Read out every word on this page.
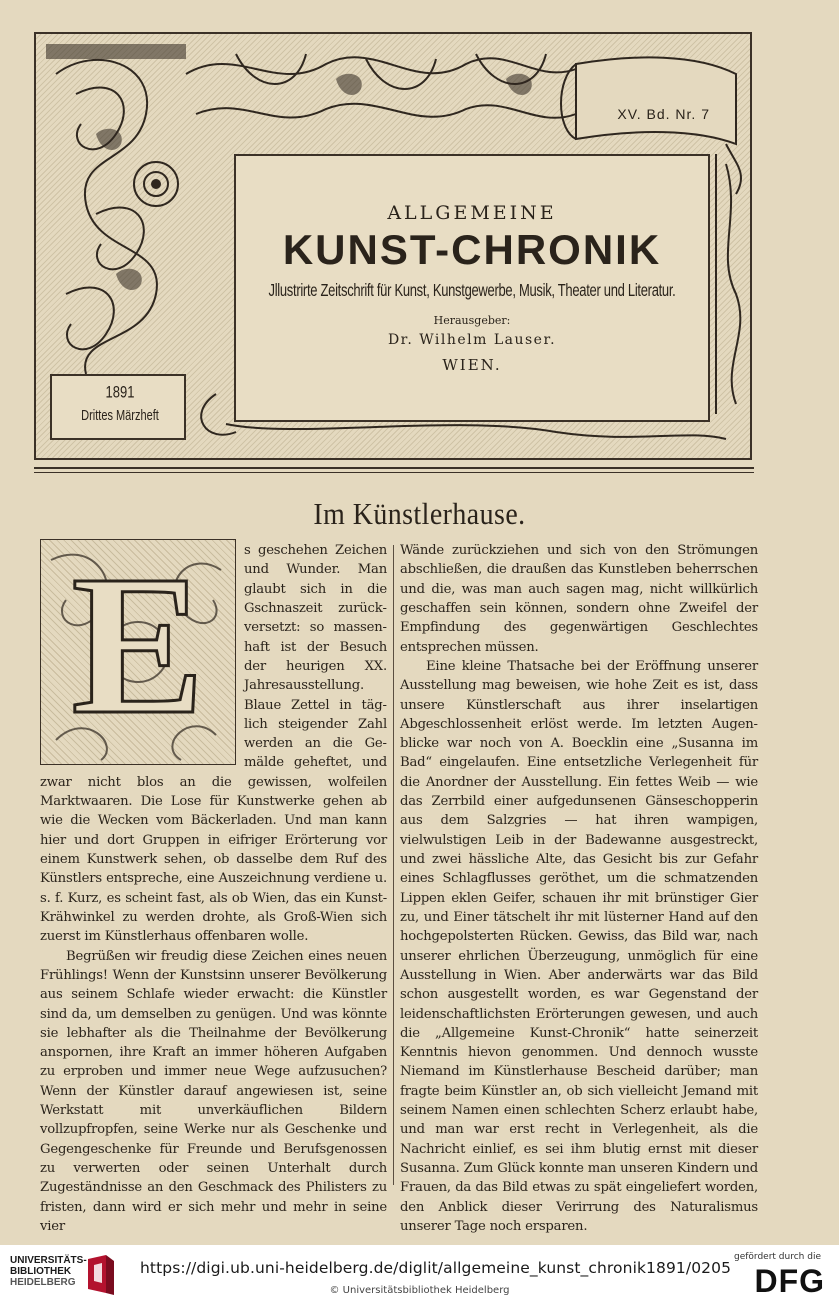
XV. Bd. Nr. 7
ALLGEMEINE
KUNST-CHRONIK
Jllustrirte Zeitschrift für Kunst, Kunstgewerbe, Musik, Theater und Literatur.
Herausgeber:
Dr. Wilhelm Lauser.
WIEN.
1891
Drittes Märzheft
Im Künstlerhause.
E	s geschehen Zeichen und Wunder. Man glaubt sich in die Gschnaszeit zurückversetzt: so massenhaft ist der Besuch der heurigen XX. Jahresausstellung. Blaue Zettel in täglich steigender Zahl werden an die Gemälde geheftet, und zwar nicht blos an die gewissen, wolfeilen Marktwaaren. Die Lose für Kunstwerke gehen ab wie die Wecken vom Bäckerladen. Und man kann hier und dort Gruppen in eifriger Erörterung vor einem Kunstwerk sehen, ob dasselbe dem Ruf des Künstlers entspreche, eine Auszeichnung verdiene u. s. f. Kurz, es scheint fast, als ob Wien, das ein Kunst-Krähwinkel zu werden drohte, als Groß-Wien sich zuerst im Künstlerhaus offenbaren wolle.

Begrüßen wir freudig diese Zeichen eines neuen Frühlings! Wenn der Kunstsinn unserer Bevölkerung aus seinem Schlafe wieder erwacht: die Künstler sind da, um demselben zu genügen. Und was könnte sie lebhafter als die Theilnahme der Bevölkerung anspornen, ihre Kraft an immer höheren Aufgaben zu erproben und immer neue Wege aufzusuchen? Wenn der Künstler darauf angewiesen ist, seine Werkstatt mit unverkäuflichen Bildern vollzupfropfen, seine Werke nur als Geschenke und Gegengeschenke für Freunde und Berufsgenossen zu verwerten oder seinen Unterhalt durch Zugeständnisse an den Geschmack des Philisters zu fristen, dann wird er sich mehr und mehr in seine vier

Wände zurückziehen und sich von den Strömungen abschließen, die draußen das Kunstleben beherrschen und die, was man auch sagen mag, nicht willkürlich geschaffen sein können, sondern ohne Zweifel der Empfindung des gegenwärtigen Geschlechtes entsprechen müssen.

Eine kleine Thatsache bei der Eröffnung unserer Ausstellung mag beweisen, wie hohe Zeit es ist, dass unsere Künstlerschaft aus ihrer inselartigen Abgeschlossenheit erlöst werde. Im letzten Augenblicke war noch von A. Boecklin eine „Susanna im Bad“ eingelaufen. Eine entsetzliche Verlegenheit für die Anordner der Ausstellung. Ein fettes Weib — wie das Zerrbild einer aufgedunsenen Gänseschopperin aus dem Salzgries — hat ihren wampigen, vielwulstigen Leib in der Badewanne ausgestreckt, und zwei hässliche Alte, das Gesicht bis zur Gefahr eines Schlagflusses geröthet, um die schmatzenden Lippen eklen Geifer, schauen ihr mit brünstiger Gier zu, und Einer tätschelt ihr mit lüsterner Hand auf den hochgepolsterten Rücken. Gewiss, das Bild war, nach unserer ehrlichen Überzeugung, unmöglich für eine Ausstellung in Wien. Aber anderwärts war das Bild schon ausgestellt worden, es war Gegenstand der leidenschaftlichsten Erörterungen gewesen, und auch die „Allgemeine Kunst-Chronik“ hatte seinerzeit Kenntnis hievon genommen. Und dennoch wusste Niemand im Künstlerhause Bescheid darüber; man fragte beim Künstler an, ob sich vielleicht Jemand mit seinem Namen einen schlechten Scherz erlaubt habe, und man war erst recht in Verlegenheit, als die Nachricht einlief, es sei ihm blutig ernst mit dieser Susanna. Zum Glück konnte man unseren Kindern und Frauen, da das Bild etwas zu spät eingeliefert worden, den Anblick dieser Verirrung des Naturalismus unserer Tage noch ersparen.

UNIVERSITÄTS-
BIBLIOTHEK
HEIDELBERG
https://digi.ub.uni-heidelberg.de/diglit/allgemeine_kunst_chronik1891/0205
© Universitätsbibliothek Heidelberg
gefördert durch die
DFG
